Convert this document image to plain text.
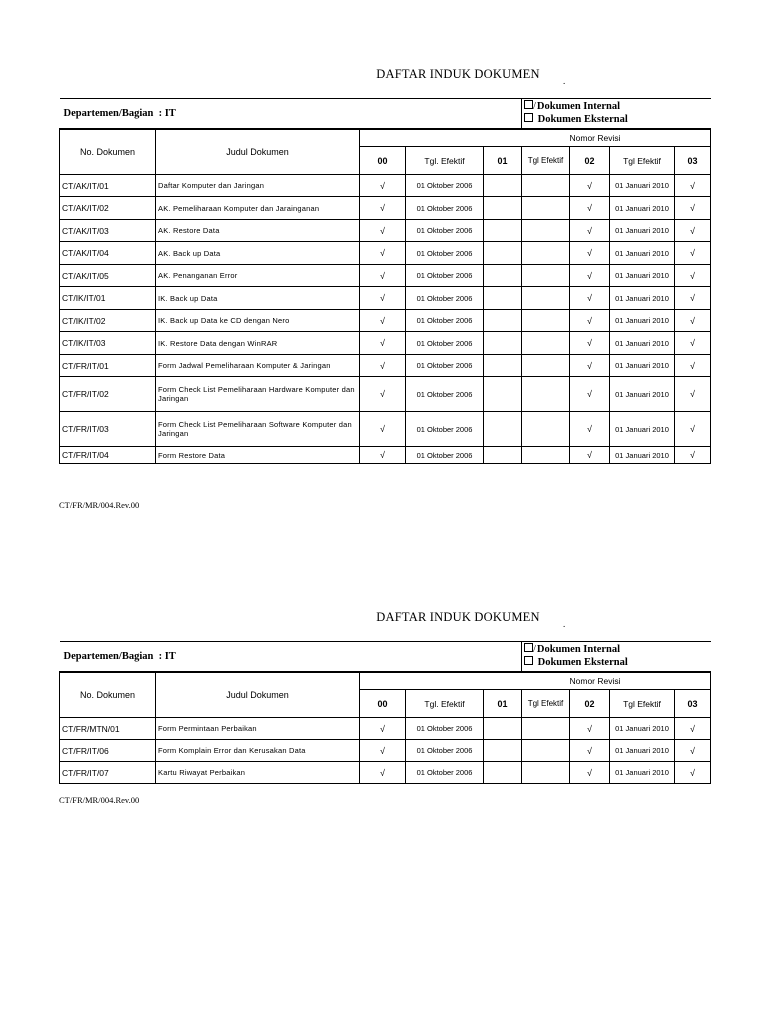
DAFTAR INDUK DOKUMEN	.
Departemen/Bagian : IT					/Dokumen Internal
Dokumen Eksternal			

No. Dokumen	Judul Dokumen	Nomor Revisi						
		00	Tgl. Efektif	01	Tgl Efektif	02	Tgl Efektif	03
CT/AK/IT/01	Daftar Komputer dan Jaringan	√	01 Oktober 2006			√	01 Januari 2010	√
CT/AK/IT/02	AK. Pemeliharaan Komputer dan Jarainganan	√	01 Oktober 2006			√	01 Januari 2010	√
CT/AK/IT/03	AK. Restore Data	√	01 Oktober 2006			√	01 Januari 2010	√
CT/AK/IT/04	AK. Back up Data	√	01 Oktober 2006			√	01 Januari 2010	√
CT/AK/IT/05	AK. Penanganan Error	√	01 Oktober 2006			√	01 Januari 2010	√
CT/IK/IT/01	IK. Back up Data	√	01 Oktober 2006			√	01 Januari 2010	√
CT/IK/IT/02	IK. Back up Data ke CD dengan Nero	√	01 Oktober 2006			√	01 Januari 2010	√
CT/IK/IT/03	IK. Restore Data dengan WinRAR	√	01 Oktober 2006			√	01 Januari 2010	√
CT/FR/IT/01	Form Jadwal Pemeliharaan Komputer & Jaringan	√	01 Oktober 2006			√	01 Januari 2010	√
CT/FR/IT/02	Form Check List Pemeliharaan Hardware Komputer dan Jaringan	√	01 Oktober 2006			√	01 Januari 2010	√
CT/FR/IT/03	Form Check List Pemeliharaan Software Komputer dan Jaringan	√	01 Oktober 2006			√	01 Januari 2010	√
CT/FR/IT/04	Form Restore Data	√	01 Oktober 2006			√	01 Januari 2010	√
CT/FR/MR/004.Rev.00
DAFTAR INDUK DOKUMEN	.
Departemen/Bagian : IT					/Dokumen Internal
Dokumen Eksternal			

No. Dokumen	Judul Dokumen	Nomor Revisi						
		00	Tgl. Efektif	01	Tgl Efektif	02	Tgl Efektif	03
CT/FR/MTN/01	Form Permintaan Perbaikan	√	01 Oktober 2006			√	01 Januari 2010	√
CT/FR/IT/06	Form Komplain Error dan Kerusakan Data	√	01 Oktober 2006			√	01 Januari 2010	√
CT/FR/IT/07	Kartu Riwayat Perbaikan	√	01 Oktober 2006			√	01 Januari 2010	√
CT/FR/MR/004.Rev.00
